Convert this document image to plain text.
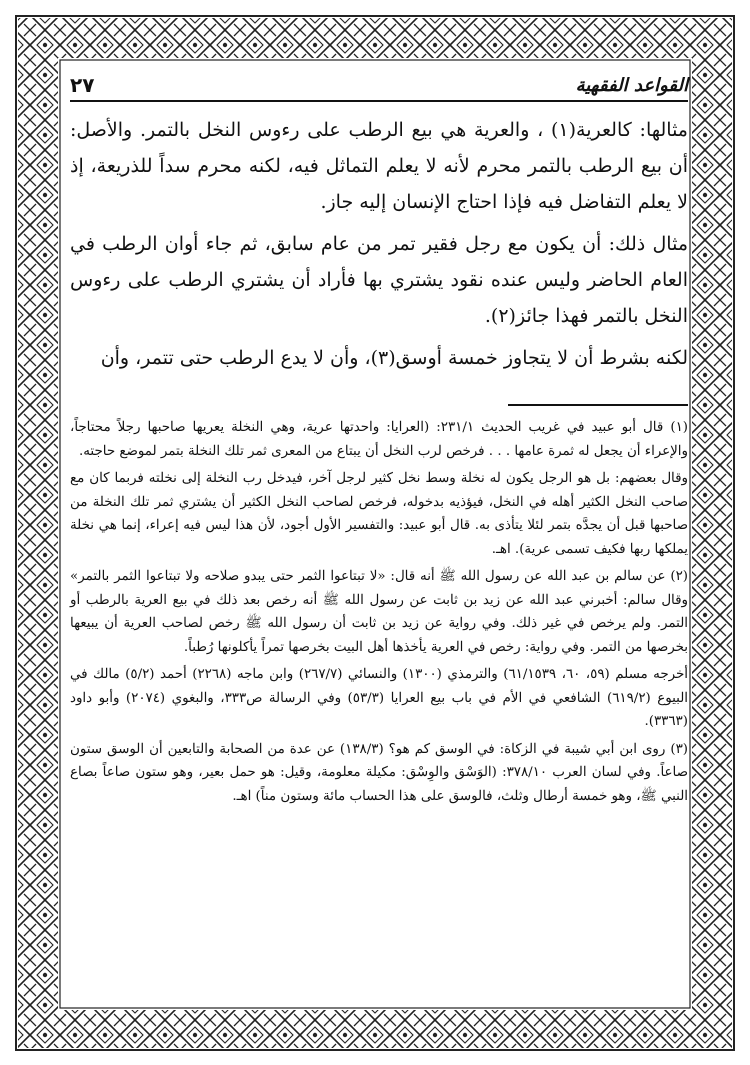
القواعد الفقهية
٢٧

مثالها: كالعرية(١) ، والعرية هي بيع الرطب على رءوس النخل بالتمر. والأصل: أن بيع الرطب بالتمر محرم لأنه لا يعلم التماثل فيه، لكنه محرم سداً للذريعة، إذ لا يعلم التفاضل فيه فإذا احتاج الإنسان إليه جاز.

مثال ذلك: أن يكون مع رجل فقير تمر من عام سابق، ثم جاء أوان الرطب في العام الحاضر وليس عنده نقود يشتري بها فأراد أن يشتري الرطب على رءوس النخل بالتمر فهذا جائز(٢).

لكنه بشرط أن لا يتجاوز خمسة أوسق(٣)، وأن لا يدع الرطب حتى تتمر، وأن

(١) قال أبو عبيد في غريب الحديث ٢٣١/١: (العرايا: واحدتها عرية، وهي النخلة يعريها صاحبها رجلاً محتاجاً، والإعراء أن يجعل له ثمرة عامها . . . فرخص لرب النخل أن يبتاع من المعرى ثمر تلك النخلة بتمر لموضع حاجته.

وقال بعضهم: بل هو الرجل يكون له نخلة وسط نخل كثير لرجل آخر، فيدخل رب النخلة إلى نخلته فربما كان مع صاحب النخل الكثير أهله في النخل، فيؤذيه بدخوله، فرخص لصاحب النخل الكثير أن يشتري ثمر تلك النخلة من صاحبها قبل أن يجدَّه بتمر لئلا يتأذى به. قال أبو عبيد: والتفسير الأول أجود، لأن هذا ليس فيه إعراء، إنما هي نخلة يملكها ربها فكيف تسمى عرية). اهـ.

(٢) عن سالم بن عبد الله عن رسول الله ﷺ أنه قال: «لا تبتاعوا الثمر حتى يبدو صلاحه ولا تبتاعوا الثمر بالتمر» وقال سالم: أخبرني عبد الله عن زيد بن ثابت عن رسول الله ﷺ أنه رخص بعد ذلك في بيع العرية بالرطب أو التمر. ولم يرخص في غير ذلك. وفي رواية عن زيد بن ثابت أن رسول الله ﷺ رخص لصاحب العرية أن يبيعها بخرصها من التمر. وفي رواية: رخص في العرية يأخذها أهل البيت بخرصها تمراً يأكلونها رُطباً.

أخرجه مسلم (٥٩، ٦٠، ٦١/١٥٣٩) والترمذي (١٣٠٠) والنسائي (٢٦٧/٧) وابن ماجه (٢٢٦٨) أحمد (٥/٢) مالك في البيوع (٦١٩/٢) الشافعي في الأم في باب بيع العرايا (٥٣/٣) وفي الرسالة ص٣٣٣، والبغوي (٢٠٧٤) وأبو داود (٣٣٦٣).

(٣) روى ابن أبي شيبة في الزكاة: في الوسق كم هو؟ (١٣٨/٣) عن عدة من الصحابة والتابعين أن الوسق ستون صاعاً. وفي لسان العرب ٣٧٨/١٠: (الوَسْق والوِسْق: مكيلة معلومة، وقيل: هو حمل بعير، وهو ستون صاعاً بصاع النبي ﷺ، وهو خمسة أرطال وثلث، فالوسق على هذا الحساب مائة وستون مناً) اهـ.
